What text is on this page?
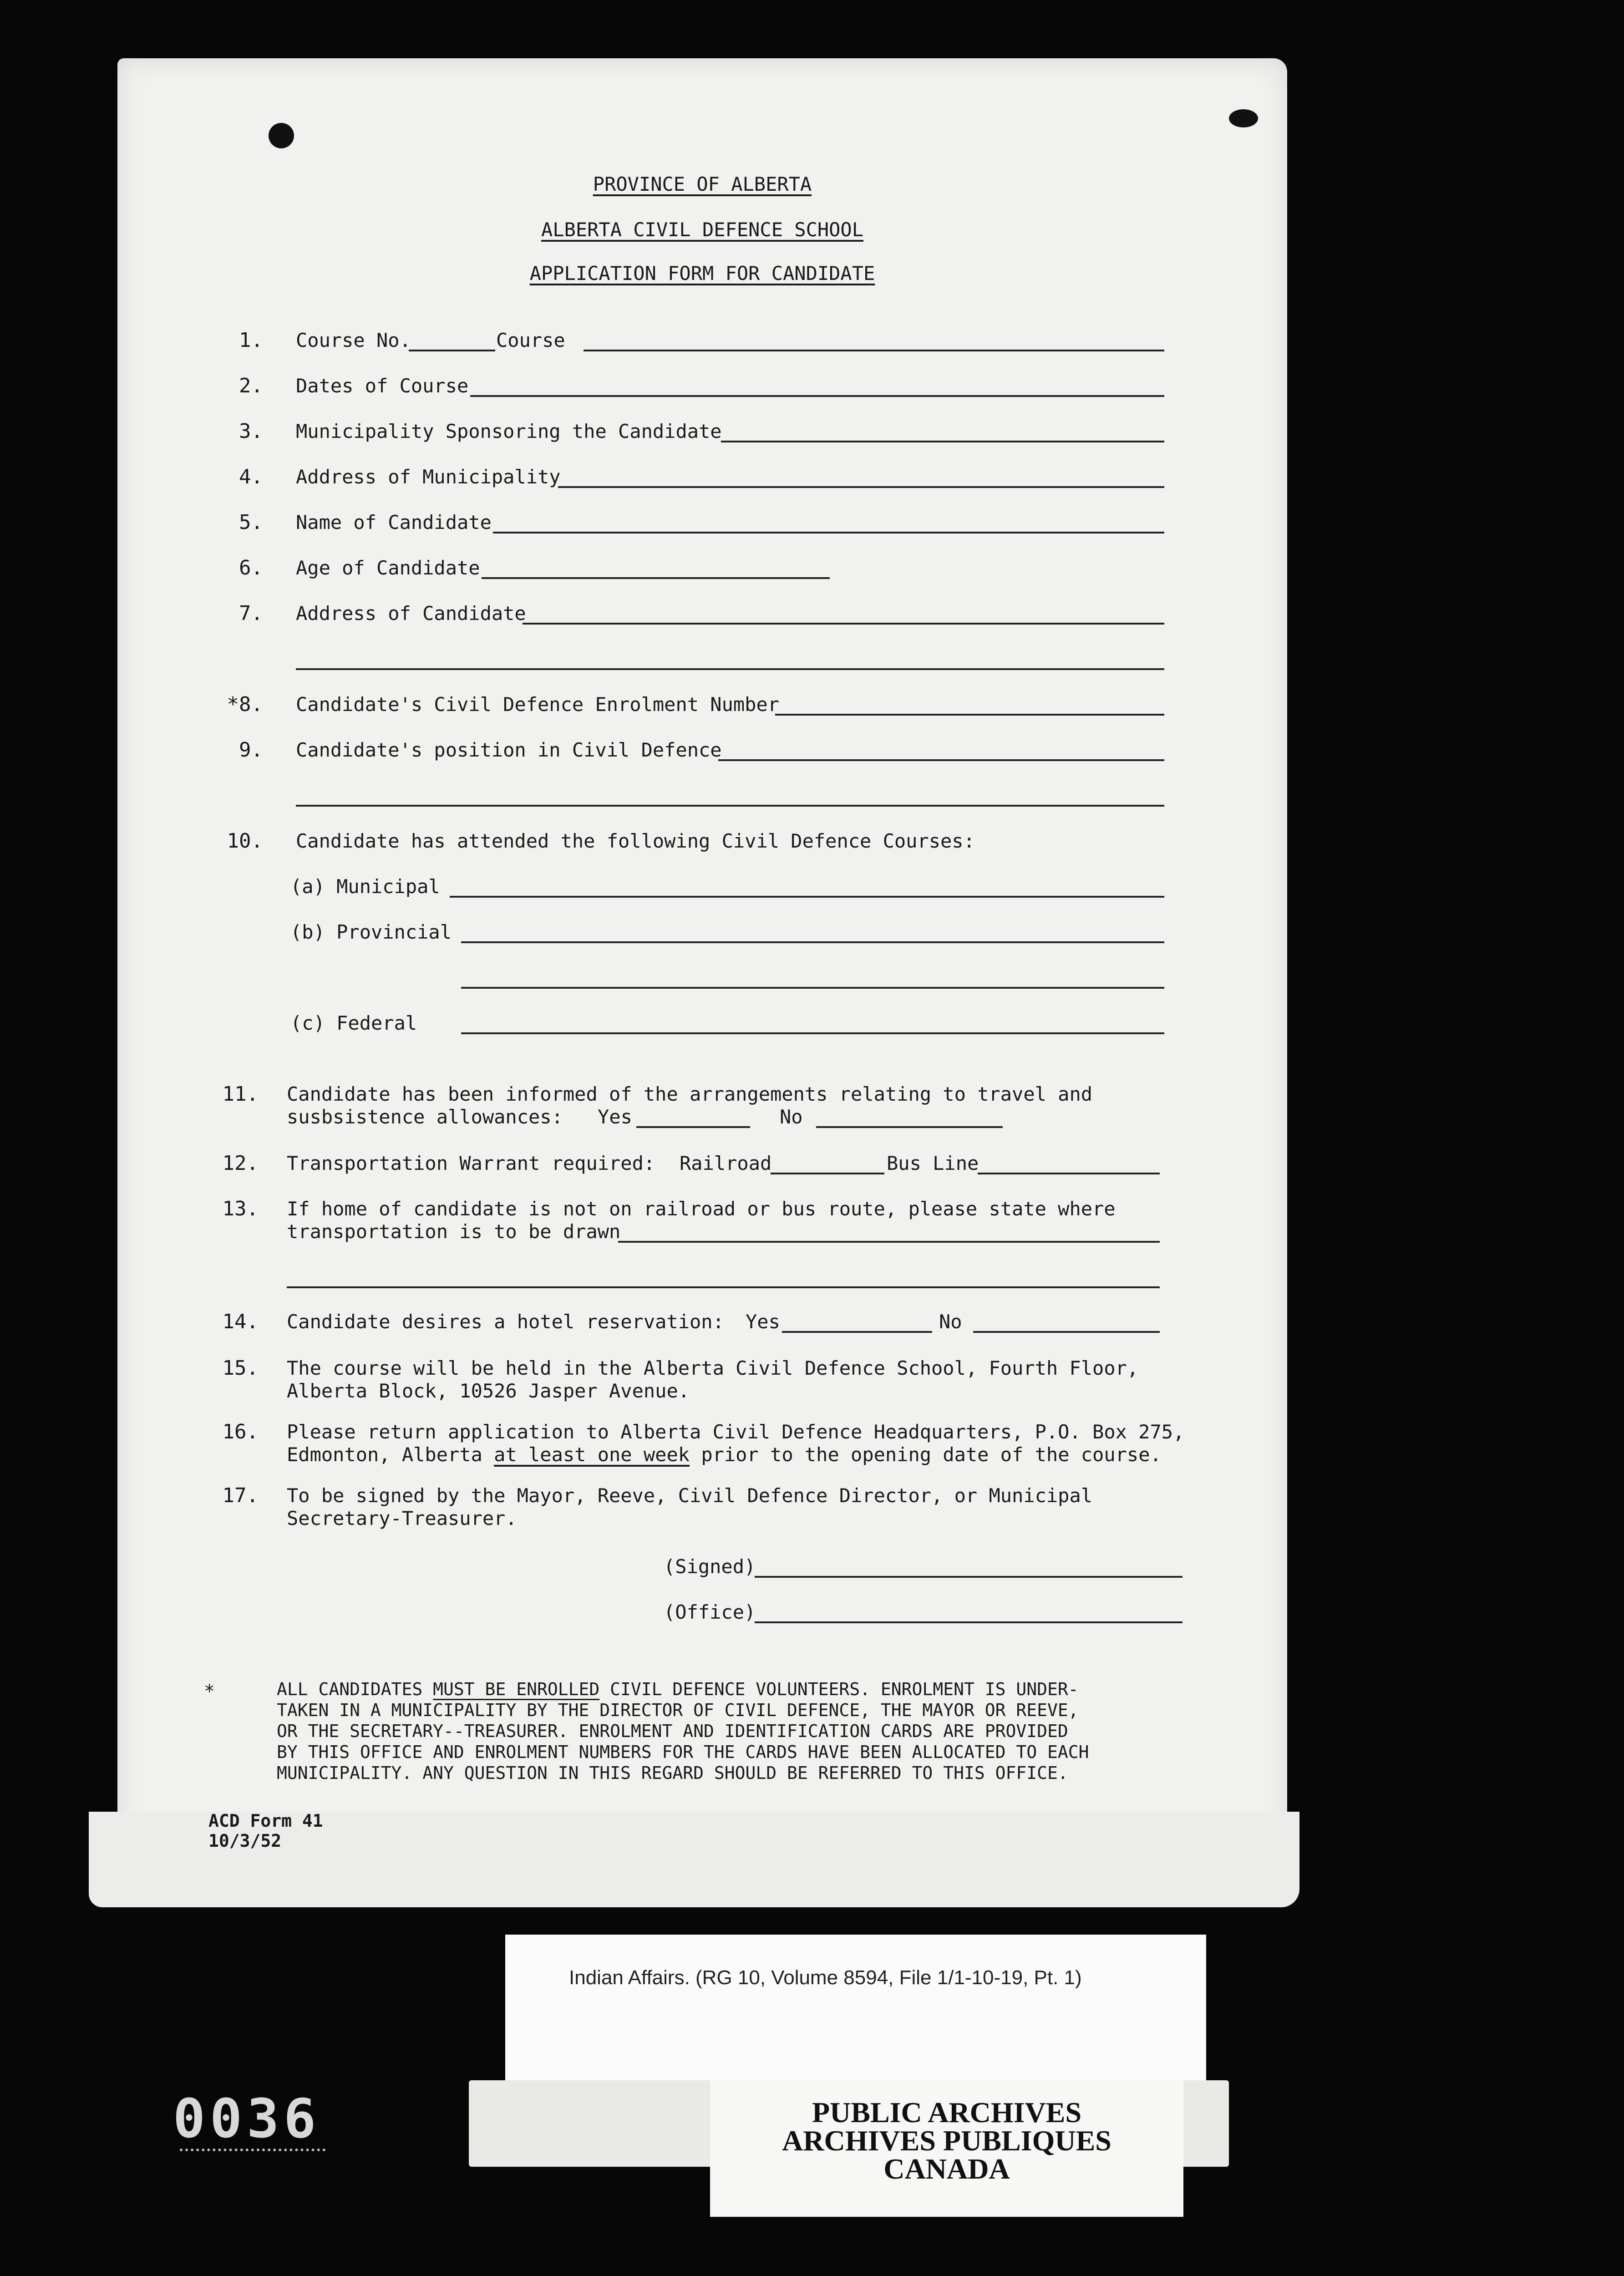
PROVINCE OF ALBERTA
ALBERTA CIVIL DEFENCE SCHOOL
APPLICATION FORM FOR CANDIDATE
1. Course No.	Course
2. Dates of Course
3. Municipality Sponsoring the Candidate
4. Address of Municipality
5. Name of Candidate
6. Age of Candidate
7. Address of Candidate
*8. Candidate's Civil Defence Enrolment Number
9. Candidate's position in Civil Defence
10. Candidate has attended the following Civil Defence Courses:
(a) Municipal
(b) Provincial
(c) Federal
11. Candidate has been informed of the arrangements relating to travel and
susbsistence allowances: Yes	No
12. Transportation Warrant required: Railroad	Bus Line
13. If home of candidate is not on railroad or bus route, please state where
transportation is to be drawn
14. Candidate desires a hotel reservation: Yes	No
15. The course will be held in the Alberta Civil Defence School, Fourth Floor,
Alberta Block, 10526 Jasper Avenue.
16. Please return application to Alberta Civil Defence Headquarters, P.O. Box 275,
Edmonton, Alberta at least one week prior to the opening date of the course.
17. To be signed by the Mayor, Reeve, Civil Defence Director, or Municipal
Secretary-Treasurer.
(Signed)
(Office)
*	ALL CANDIDATES MUST BE ENROLLED CIVIL DEFENCE VOLUNTEERS. ENROLMENT IS UNDER-
TAKEN IN A MUNICIPALITY BY THE DIRECTOR OF CIVIL DEFENCE, THE MAYOR OR REEVE,
OR THE SECRETARY--TREASURER. ENROLMENT AND IDENTIFICATION CARDS ARE PROVIDED
BY THIS OFFICE AND ENROLMENT NUMBERS FOR THE CARDS HAVE BEEN ALLOCATED TO EACH
MUNICIPALITY. ANY QUESTION IN THIS REGARD SHOULD BE REFERRED TO THIS OFFICE.
ACD Form 41
10/3/52
Indian Affairs. (RG 10, Volume 8594, File 1/1-10-19, Pt. 1)
PUBLIC ARCHIVES
ARCHIVES PUBLIQUES
CANADA
0036
